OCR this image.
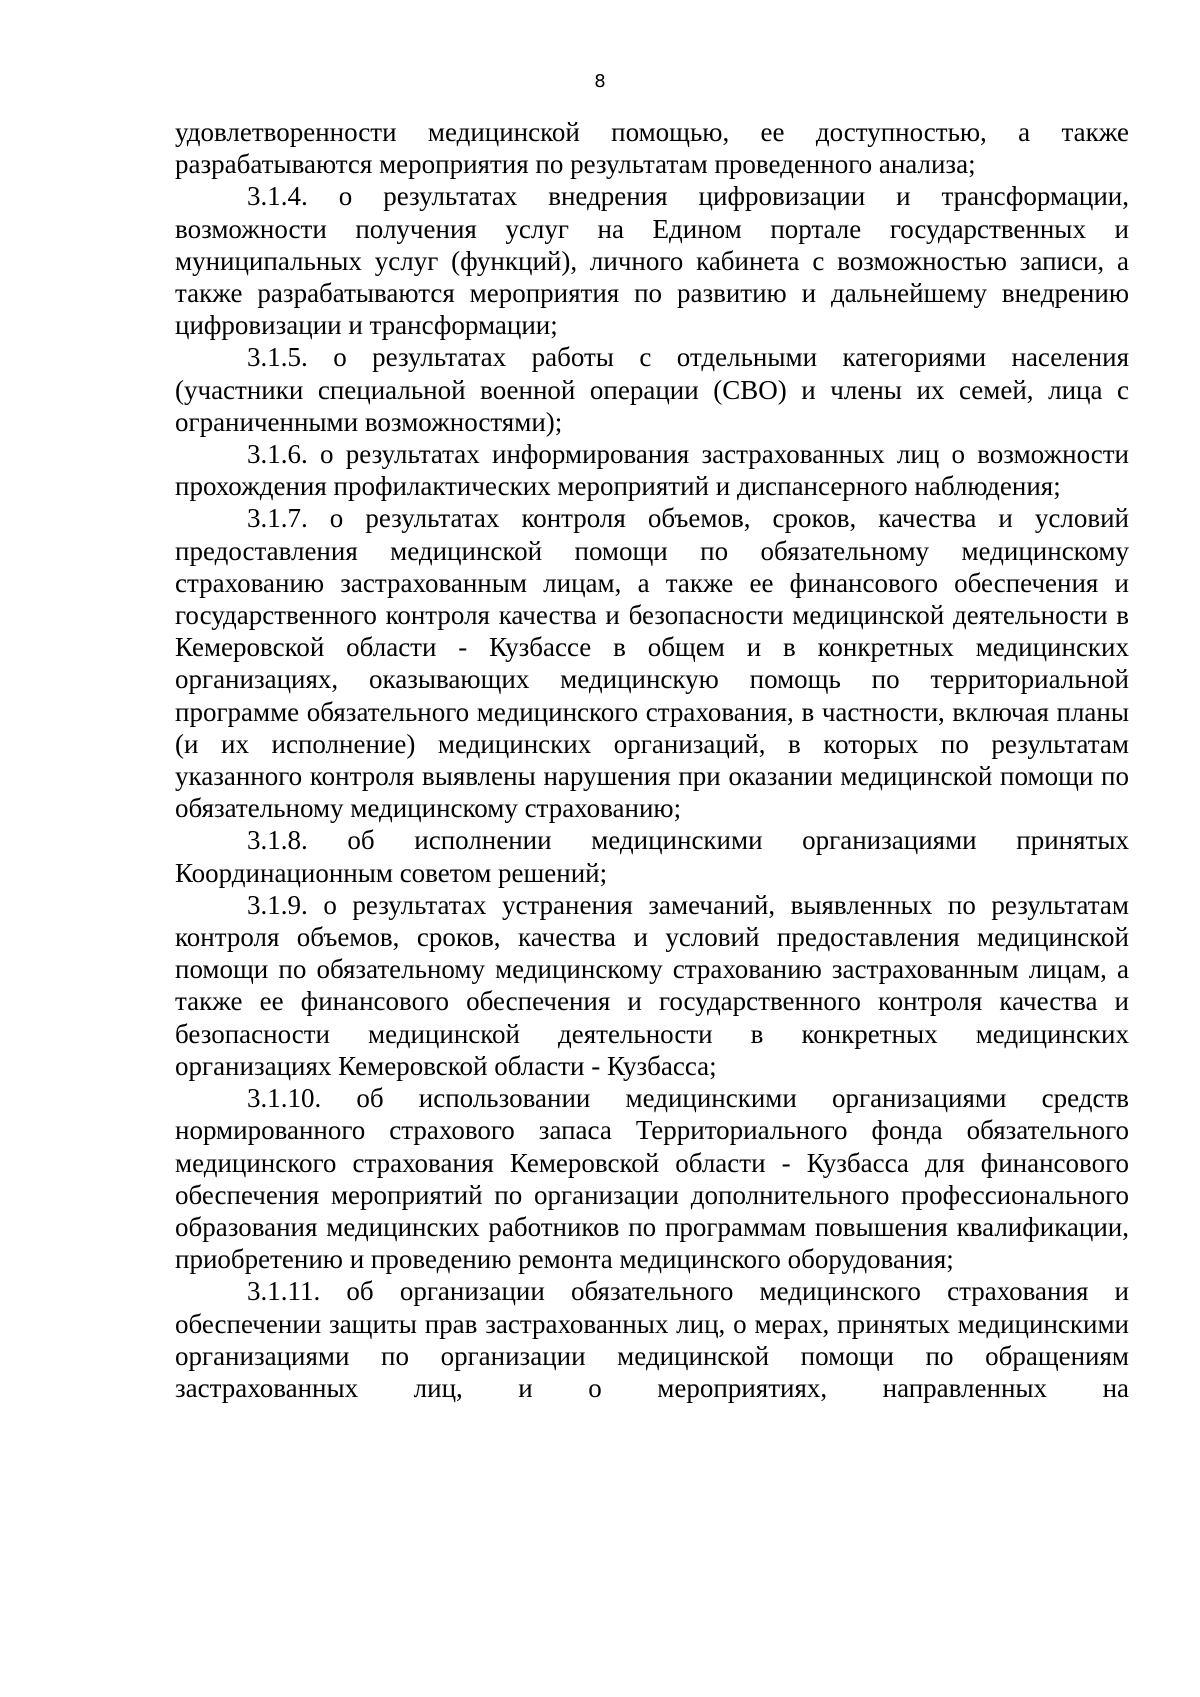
8

удовлетворенности медицинской помощью, ее доступностью, а также разрабатываются мероприятия по результатам проведенного анализа;

3.1.4. о результатах внедрения цифровизации и трансформации, возможности получения услуг на Едином портале государственных и муниципальных услуг (функций), личного кабинета с возможностью записи, а также разрабатываются мероприятия по развитию и дальнейшему внедрению цифровизации и трансформации;

3.1.5. о результатах работы с отдельными категориями населения (участники специальной военной операции (СВО) и члены их семей, лица с ограниченными возможностями);

3.1.6. о результатах информирования застрахованных лиц о возможности прохождения профилактических мероприятий и диспансерного наблюдения;

3.1.7. о результатах контроля объемов, сроков, качества и условий предоставления медицинской помощи по обязательному медицинскому страхованию застрахованным лицам, а также ее финансового обеспечения и государственного контроля качества и безопасности медицинской деятельности в Кемеровской области - Кузбассе в общем и в конкретных медицинских организациях, оказывающих медицинскую помощь по территориальной программе обязательного медицинского страхования, в частности, включая планы (и их исполнение) медицинских организаций, в которых по результатам указанного контроля выявлены нарушения при оказании медицинской помощи по обязательному медицинскому страхованию;

3.1.8. об исполнении медицинскими организациями принятых Координационным советом решений;

3.1.9. о результатах устранения замечаний, выявленных по результатам контроля объемов, сроков, качества и условий предоставления медицинской помощи по обязательному медицинскому страхованию застрахованным лицам, а также ее финансового обеспечения и государственного контроля качества и безопасности медицинской деятельности в конкретных медицинских организациях Кемеровской области - Кузбасса;

3.1.10. об использовании медицинскими организациями средств нормированного страхового запаса Территориального фонда обязательного медицинского страхования Кемеровской области - Кузбасса для финансового обеспечения мероприятий по организации дополнительного профессионального образования медицинских работников по программам повышения квалификации, приобретению и проведению ремонта медицинского оборудования;

3.1.11. об организации обязательного медицинского страхования и обеспечении защиты прав застрахованных лиц, о мерах, принятых медицинскими организациями по организации медицинской помощи по обращениям застрахованных лиц, и о мероприятиях, направленных на
